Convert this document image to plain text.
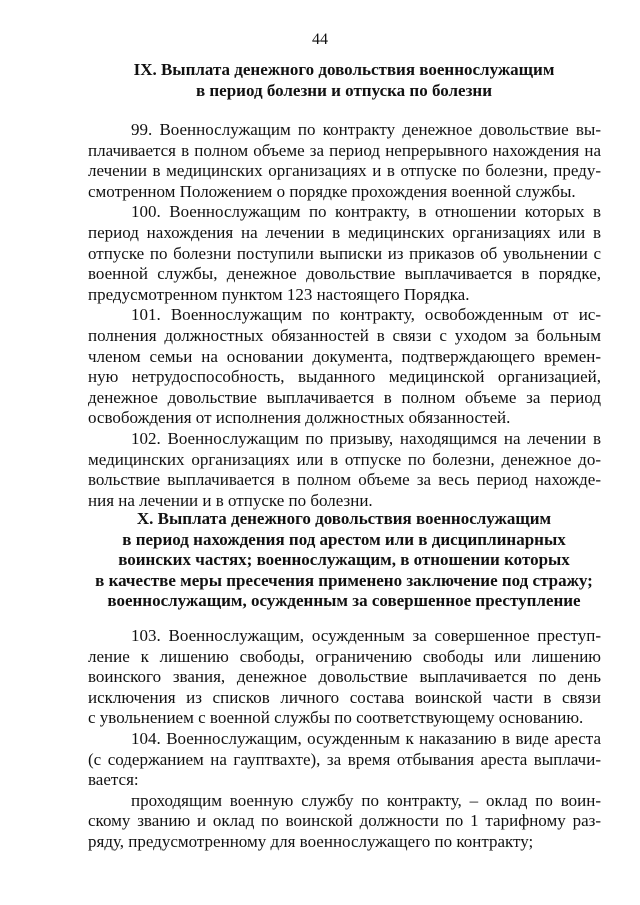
44
IX. Выплата денежного довольствия военнослужащим
в период болезни и отпуска по болезни
99. Военнослужащим по контракту денежное довольствие вы-
плачивается в полном объеме за период непрерывного нахождения на
лечении в медицинских организациях и в отпуске по болезни, преду-
смотренном Положением о порядке прохождения военной службы.
100. Военнослужащим по контракту, в отношении которых в
период нахождения на лечении в медицинских организациях или в
отпуске по болезни поступили выписки из приказов об увольнении с
военной службы, денежное довольствие выплачивается в порядке,
предусмотренном пунктом 123 настоящего Порядка.
101. Военнослужащим по контракту, освобожденным от ис-
полнения должностных обязанностей в связи с уходом за больным
членом семьи на основании документа, подтверждающего времен-
ную нетрудоспособность, выданного медицинской организацией,
денежное довольствие выплачивается в полном объеме за период
освобождения от исполнения должностных обязанностей.
102. Военнослужащим по призыву, находящимся на лечении в
медицинских организациях или в отпуске по болезни, денежное до-
вольствие выплачивается в полном объеме за весь период нахожде-
ния на лечении и в отпуске по болезни.
X. Выплата денежного довольствия военнослужащим
в период нахождения под арестом или в дисциплинарных
воинских частях; военнослужащим, в отношении которых
в качестве меры пресечения применено заключение под стражу;
военнослужащим, осужденным за совершенное преступление
103. Военнослужащим, осужденным за совершенное преступ-
ление к лишению свободы, ограничению свободы или лишению
воинского звания, денежное довольствие выплачивается по день
исключения из списков личного состава воинской части в связи
с увольнением с военной службы по соответствующему основанию.
104. Военнослужащим, осужденным к наказанию в виде ареста
(с содержанием на гауптвахте), за время отбывания ареста выплачи-
вается:
проходящим военную службу по контракту, – оклад по воин-
скому званию и оклад по воинской должности по 1 тарифному раз-
ряду, предусмотренному для военнослужащего по контракту;
